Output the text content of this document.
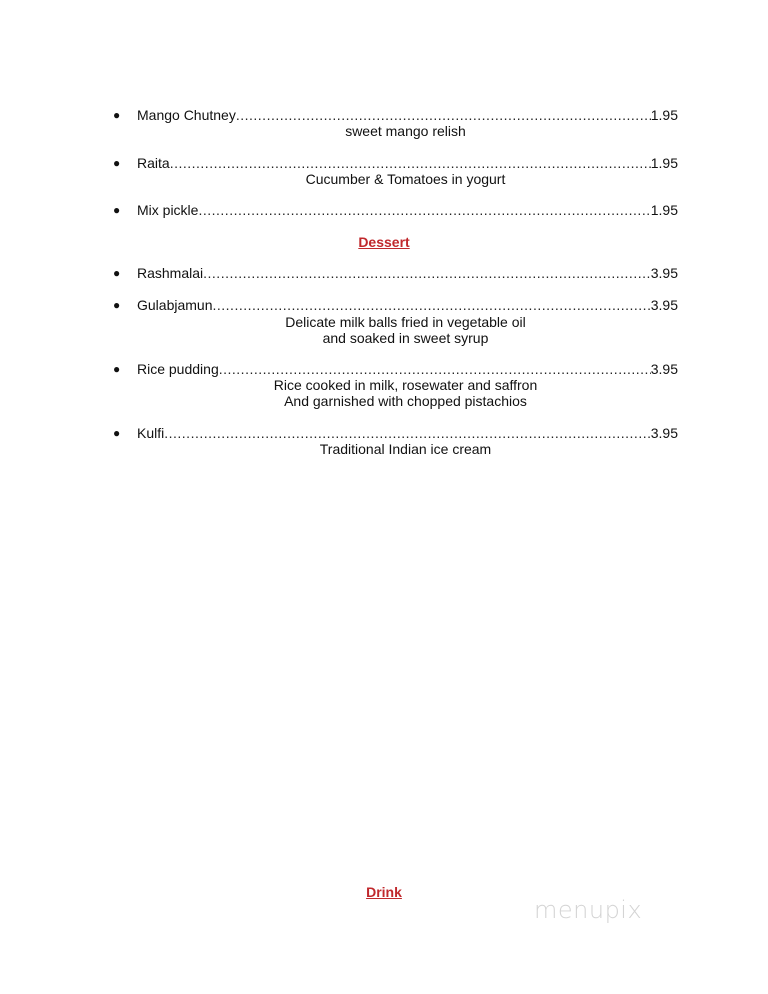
● Mango Chutney .....	1.95
sweet mango relish
● Raita .....	1.95
Cucumber & Tomatoes in yogurt
● Mix pickle .....	1.95
Dessert
● Rashmalai .....	3.95
● Gulabjamun .....	3.95
Delicate milk balls fried in vegetable oil
and soaked in sweet syrup
● Rice pudding .....	3.95
Rice cooked in milk, rosewater and saffron
And garnished with chopped pistachios
● Kulfi .....	3.95
Traditional Indian ice cream
Drink
menupix
